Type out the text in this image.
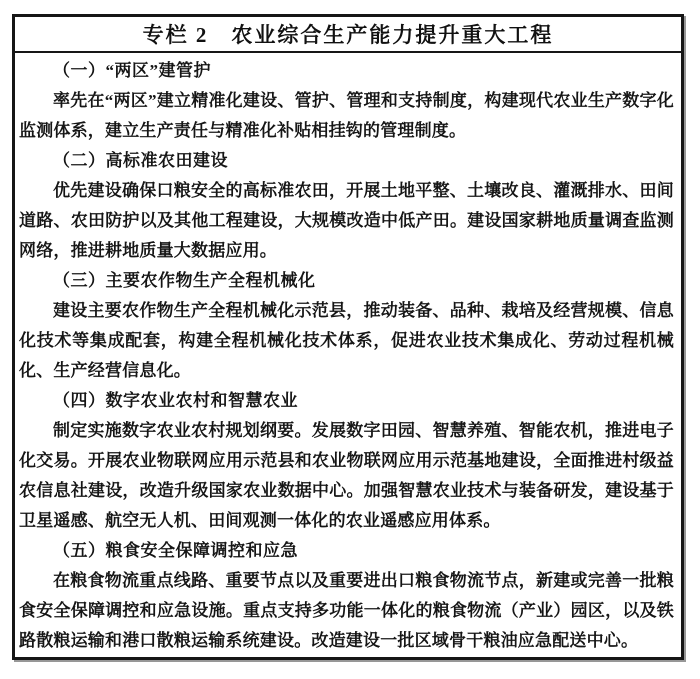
专栏 2　农业综合生产能力提升重大工程

（一）“两区”建管护

率先在“两区”建立精准化建设、管护、管理和支持制度，构建现代农业生产数字化监测体系，建立生产责任与精准化补贴相挂钩的管理制度。

（二）高标准农田建设

优先建设确保口粮安全的高标准农田，开展土地平整、土壤改良、灌溉排水、田间道路、农田防护以及其他工程建设，大规模改造中低产田。建设国家耕地质量调查监测网络，推进耕地质量大数据应用。

（三）主要农作物生产全程机械化

建设主要农作物生产全程机械化示范县，推动装备、品种、栽培及经营规模、信息化技术等集成配套，构建全程机械化技术体系，促进农业技术集成化、劳动过程机械化、生产经营信息化。

（四）数字农业农村和智慧农业

制定实施数字农业农村规划纲要。发展数字田园、智慧养殖、智能农机，推进电子化交易。开展农业物联网应用示范县和农业物联网应用示范基地建设，全面推进村级益农信息社建设，改造升级国家农业数据中心。加强智慧农业技术与装备研发，建设基于卫星遥感、航空无人机、田间观测一体化的农业遥感应用体系。

（五）粮食安全保障调控和应急

在粮食物流重点线路、重要节点以及重要进出口粮食物流节点，新建或完善一批粮食安全保障调控和应急设施。重点支持多功能一体化的粮食物流（产业）园区，以及铁路散粮运输和港口散粮运输系统建设。改造建设一批区域骨干粮油应急配送中心。
